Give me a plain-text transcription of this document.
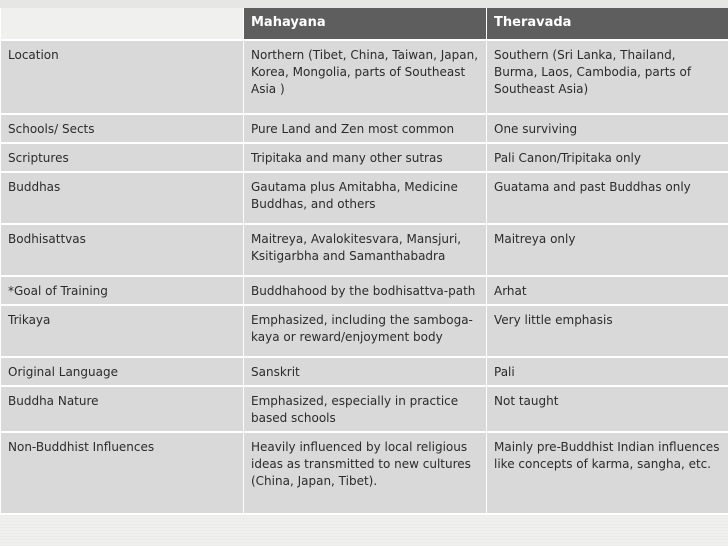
	Mahayana	Theravada

Location	Northern (Tibet, China, Taiwan, Japan, Korea, Mongolia, parts of Southeast Asia )	Southern (Sri Lanka, Thailand, Burma, Laos, Cambodia, parts of Southeast Asia)

Schools/ Sects	Pure Land and Zen most common	One surviving

Scriptures	Tripitaka and many other sutras	Pali Canon/Tripitaka only

Buddhas	Gautama plus Amitabha, Medicine Buddhas, and others	Guatama and past Buddhas only

Bodhisattvas	Maitreya, Avalokitesvara, Mansjuri, Ksitigarbha and Samanthabadra	Maitreya only

*Goal of Training	Buddhahood by the bodhisattva-path	Arhat

Trikaya	Emphasized, including the samboga-kaya or reward/enjoyment body	Very little emphasis

Original Language	Sanskrit	Pali

Buddha Nature	Emphasized, especially in practice based schools	Not taught

Non-Buddhist Influences	Heavily influenced by local religious ideas as transmitted to new cultures (China, Japan, Tibet).	Mainly pre-Buddhist Indian influences like concepts of karma, sangha, etc.
